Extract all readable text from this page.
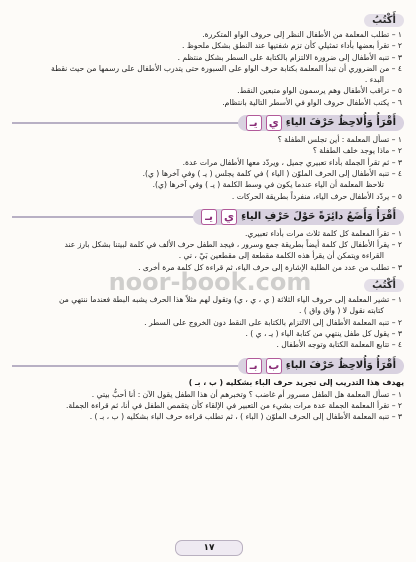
أَكْتُبُ
١ – تطلب المعلمة من الأطفال النظر إلى حروف الواو المتكررة.
٢ – تقرأ بعضها بأداء تمثيلي كأن تزم شفتيها عند النطق بشكل ملحوظ .
٣ – تنبه الأطفال إلى ضرورة الالتزام بالكتابة على السطر بشكل منتظم .
٤ – من الضروري أن تبدأ المعلمة بكتابة حرف الواو على السبورة حتى يتدرب الأطفال على رسمها من حيث نقطة
البدء .
٥ – تراقب الأطفال وهم يرسمون الواو متبعين النقط.
٦ – يكتب الأطفال حروف الواو في الأسطر التالية بانتظام.
أَقْرَأُ وَأُلاحِظُ حَرْفَ الياءِ
ي
يـ
١ – تسأل المعلمة : أين تجلس الطفلة ؟
٢ – ماذا يوجد خلف الطفلة ؟
٣ – ثم تقرأ الجملة بأداء تعبيري جميل ، ويردّد معها الأطفال مرات عدة.
٤ – تنبه الأطفال إلى الحرف الملوّن ( الياء ) في كلمة يجلس ( يـ ) وفي آخرها ( ي).
تلاحظ المعلمة أن الياء عندما يكون في وسط الكلمة ( يـ ) وفي آخرها (ي).
٥ – يردّد الأطفال حرف الياء، منفرداً بطريقة الحركات .
أَقْرَأُ وَأَضَعُ دائِرَةً حَوْلَ حَرْفِ الياءِ
ي
يـ
١ – تقرأ المعلمة كل كلمة ثلاث مرات بأداء تعبيري.
٢ – يقرأ الأطفال كل كلمة أيضاً بطريقة جمع وسرور ، فيجد الطفل حرف الألف في كلمة لبيتنا بشكل بارز عند
القراءة ويتمكن أن يقرأ هذه الكلمة مقطعة إلى مقطعين بَيْ ، تي .
٣ – تطلب من عدد من الطلبة الإشارة إلى حرف الياء، ثم قراءة كل كلمة مرة أخرى .
أَكْتُبُ
١ – تشير المعلمة إلى حروف الياء الثلاثة ( ي ، ي ، ي) وتقول لهم مثلاً هذا الحرف يشبه البطة فعندما ننتهي من
كتابته نقول لا ( واق واق ) .
٢ – تنبه المعلمة الأطفال إلى الالتزام بالكتابة على النقط دون الخروج على السطر .
٣ – يقول كل طفل ينتهي من كتابة الياء ( يـ ، ي ) .
٤ – تتابع المعلمة الكتابة وتوجه الأطفال .
أَقْرَأُ وَأُلاحِظُ حَرْفَ الباءِ
ب
بـ
يهدف هذا التدريب إلى تجريد حرف الباء بشكليه ( ب ، بـ )
١ – تسأل المعلمة هل الطفل مسرور أم غاضب ؟ وتخبرهم أن هذا الطفل يقول الآن : أنا أحبُّ بيتي .
٢ – تقرأ المعلمة الجملة عدة مرات بشيء من التعبير في الإلقاء كأن يتقمص الطفل في أنا، ثم قراءة الجملة.
٣ – تنبه المعلمة الأطفال إلى الحرف الملوّن ( الباء ) ، ثم تطلب قراءة حرف الباء بشكليه ( ب ، بـ ) .
noor-book.com
١٧
